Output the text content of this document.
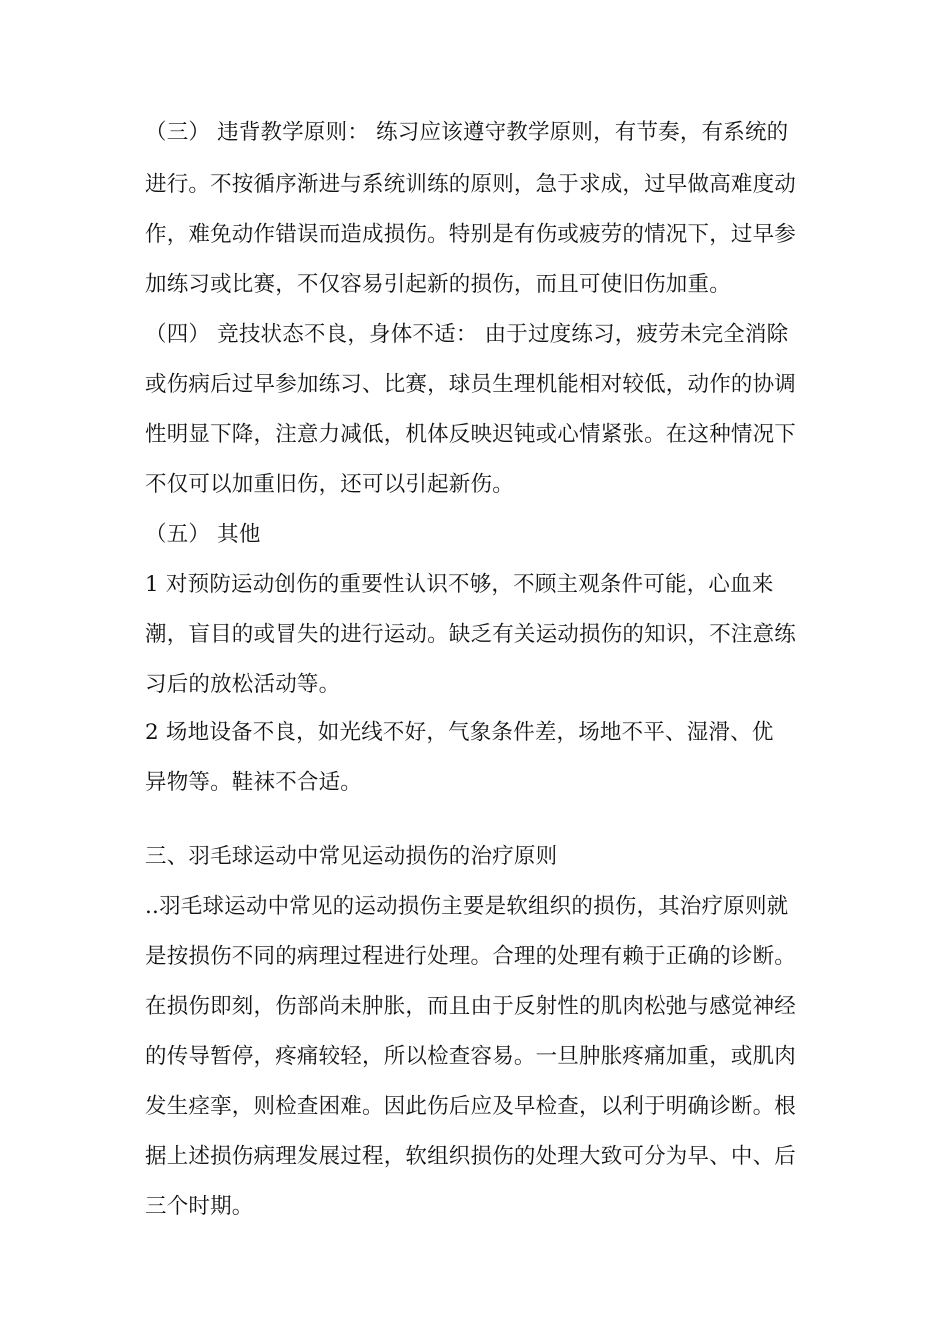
（三） 违背教学原则： 练习应该遵守教学原则，有节奏，有系统的
进行。不按循序渐进与系统训练的原则，急于求成，过早做高难度动
作，难免动作错误而造成损伤。特别是有伤或疲劳的情况下，过早参
加练习或比赛，不仅容易引起新的损伤，而且可使旧伤加重。
（四） 竞技状态不良，身体不适： 由于过度练习，疲劳未完全消除
或伤病后过早参加练习、比赛，球员生理机能相对较低，动作的协调
性明显下降，注意力减低，机体反映迟钝或心情紧张。在这种情况下
不仅可以加重旧伤，还可以引起新伤。
（五） 其他
1 对预防运动创伤的重要性认识不够，不顾主观条件可能，心血来
潮，盲目的或冒失的进行运动。缺乏有关运动损伤的知识，不注意练
习后的放松活动等。
2 场地设备不良，如光线不好，气象条件差，场地不平、湿滑、优
异物等。鞋袜不合适。
三、羽毛球运动中常见运动损伤的治疗原则
..羽毛球运动中常见的运动损伤主要是软组织的损伤，其治疗原则就
是按损伤不同的病理过程进行处理。合理的处理有赖于正确的诊断。
在损伤即刻，伤部尚未肿胀，而且由于反射性的肌肉松弛与感觉神经
的传导暂停，疼痛较轻，所以检查容易。一旦肿胀疼痛加重，或肌肉
发生痉挛，则检查困难。因此伤后应及早检查，以利于明确诊断。根
据上述损伤病理发展过程，软组织损伤的处理大致可分为早、中、后
三个时期。
